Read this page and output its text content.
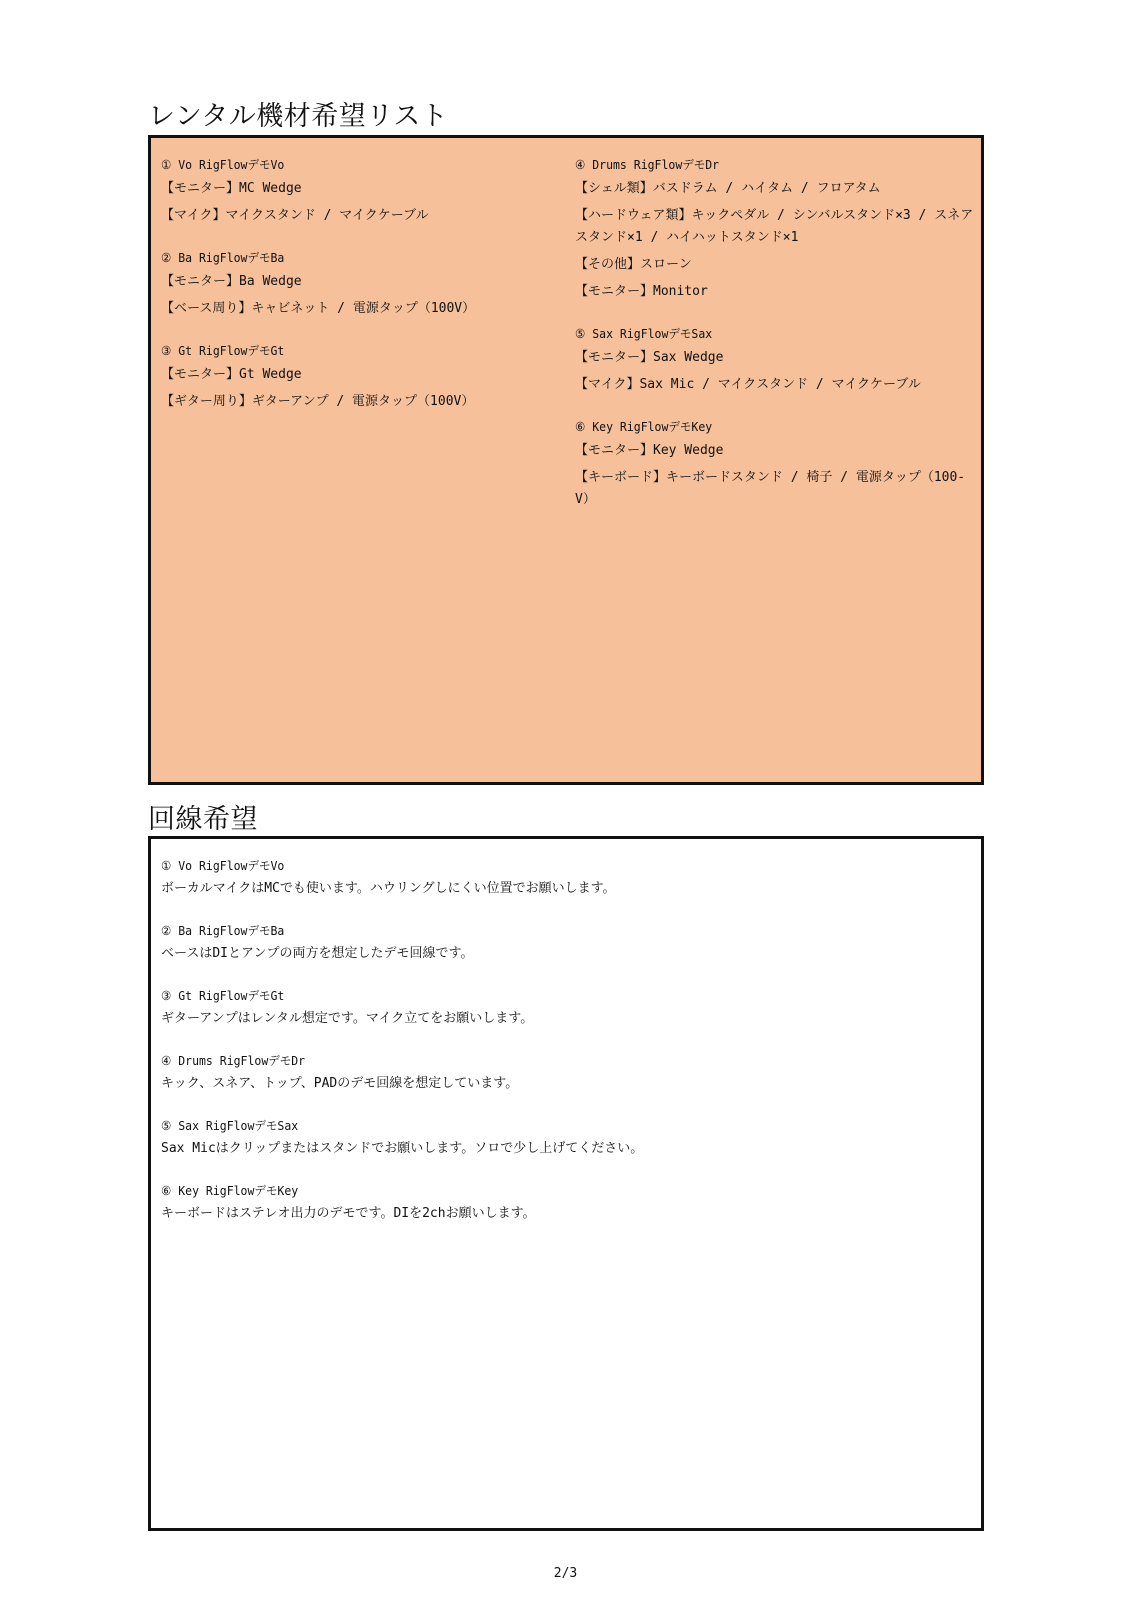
レンタル機材希望リスト
① Vo RigFlowデモVo
【モニター】MC Wedge
【マイク】マイクスタンド / マイクケーブル
② Ba RigFlowデモBa
【モニター】Ba Wedge
【ベース周り】キャビネット / 電源タップ（100V）
③ Gt RigFlowデモGt
【モニター】Gt Wedge
【ギター周り】ギターアンプ / 電源タップ（100V）
④ Drums RigFlowデモDr
【シェル類】バスドラム / ハイタム / フロアタム
【ハードウェア類】キックペダル / シンバルスタンド×3 / スネアスタンド×1 / ハイハットスタンド×1
【その他】スローン
【モニター】Monitor
⑤ Sax RigFlowデモSax
【モニター】Sax Wedge
【マイク】Sax Mic / マイクスタンド / マイクケーブル
⑥ Key RigFlowデモKey
【モニター】Key Wedge
【キーボード】キーボードスタンド / 椅子 / 電源タップ（100-V）
回線希望
① Vo RigFlowデモVo
ボーカルマイクはMCでも使います。ハウリングしにくい位置でお願いします。
② Ba RigFlowデモBa
ベースはDIとアンプの両方を想定したデモ回線です。
③ Gt RigFlowデモGt
ギターアンプはレンタル想定です。マイク立てをお願いします。
④ Drums RigFlowデモDr
キック、スネア、トップ、PADのデモ回線を想定しています。
⑤ Sax RigFlowデモSax
Sax Micはクリップまたはスタンドでお願いします。ソロで少し上げてください。
⑥ Key RigFlowデモKey
キーボードはステレオ出力のデモです。DIを2chお願いします。
2/3
